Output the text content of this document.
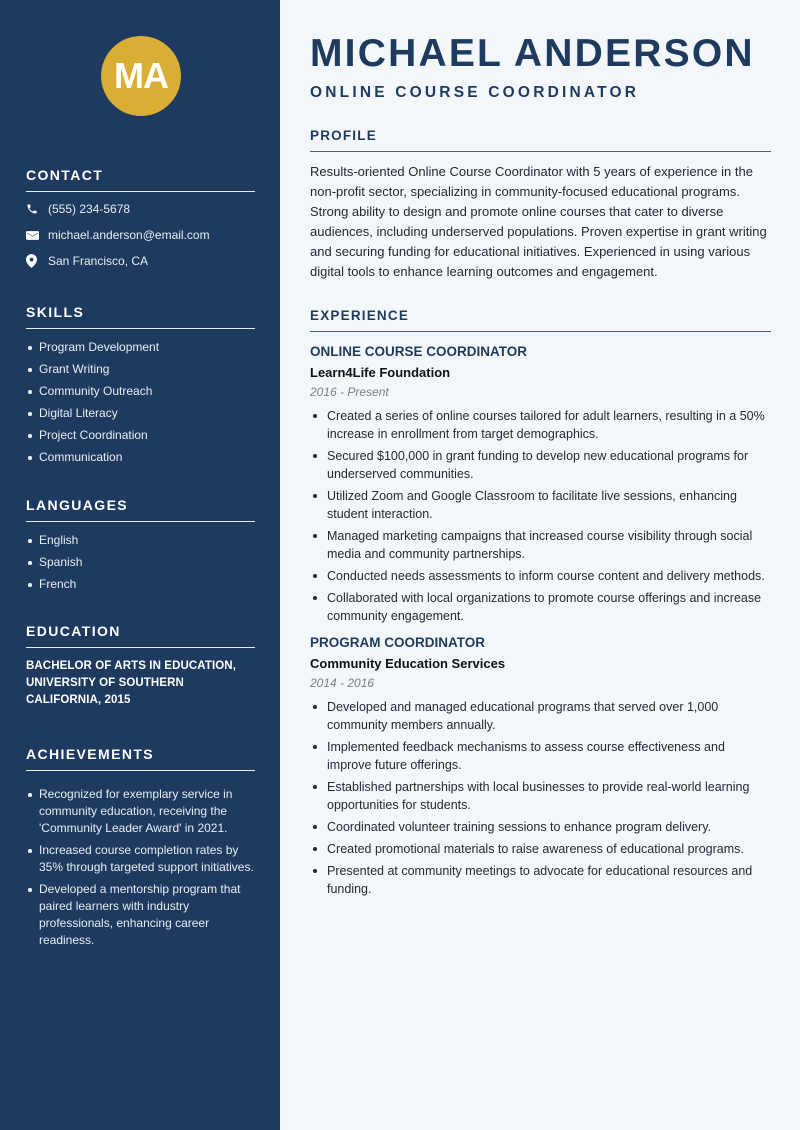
MA
CONTACT
(555) 234-5678
michael.anderson@email.com
San Francisco, CA
SKILLS
Program Development
Grant Writing
Community Outreach
Digital Literacy
Project Coordination
Communication
LANGUAGES
English
Spanish
French
EDUCATION

BACHELOR OF ARTS IN EDUCATION, UNIVERSITY OF SOUTHERN CALIFORNIA, 2015

ACHIEVEMENTS
Recognized for exemplary service in community education, receiving the 'Community Leader Award' in 2021.
Increased course completion rates by 35% through targeted support initiatives.
Developed a mentorship program that paired learners with industry professionals, enhancing career readiness.
MICHAEL ANDERSON
ONLINE COURSE COORDINATOR
PROFILE

Results-oriented Online Course Coordinator with 5 years of experience in the non-profit sector, specializing in community-focused educational programs. Strong ability to design and promote online courses that cater to diverse audiences, including underserved populations. Proven expertise in grant writing and securing funding for educational initiatives. Experienced in using various digital tools to enhance learning outcomes and engagement.

EXPERIENCE
ONLINE COURSE COORDINATOR
Learn4Life Foundation
2016 - Present
Created a series of online courses tailored for adult learners, resulting in a 50% increase in enrollment from target demographics.
Secured $100,000 in grant funding to develop new educational programs for underserved communities.
Utilized Zoom and Google Classroom to facilitate live sessions, enhancing student interaction.
Managed marketing campaigns that increased course visibility through social media and community partnerships.
Conducted needs assessments to inform course content and delivery methods.
Collaborated with local organizations to promote course offerings and increase community engagement.
PROGRAM COORDINATOR
Community Education Services
2014 - 2016
Developed and managed educational programs that served over 1,000 community members annually.
Implemented feedback mechanisms to assess course effectiveness and improve future offerings.
Established partnerships with local businesses to provide real-world learning opportunities for students.
Coordinated volunteer training sessions to enhance program delivery.
Created promotional materials to raise awareness of educational programs.
Presented at community meetings to advocate for educational resources and funding.
